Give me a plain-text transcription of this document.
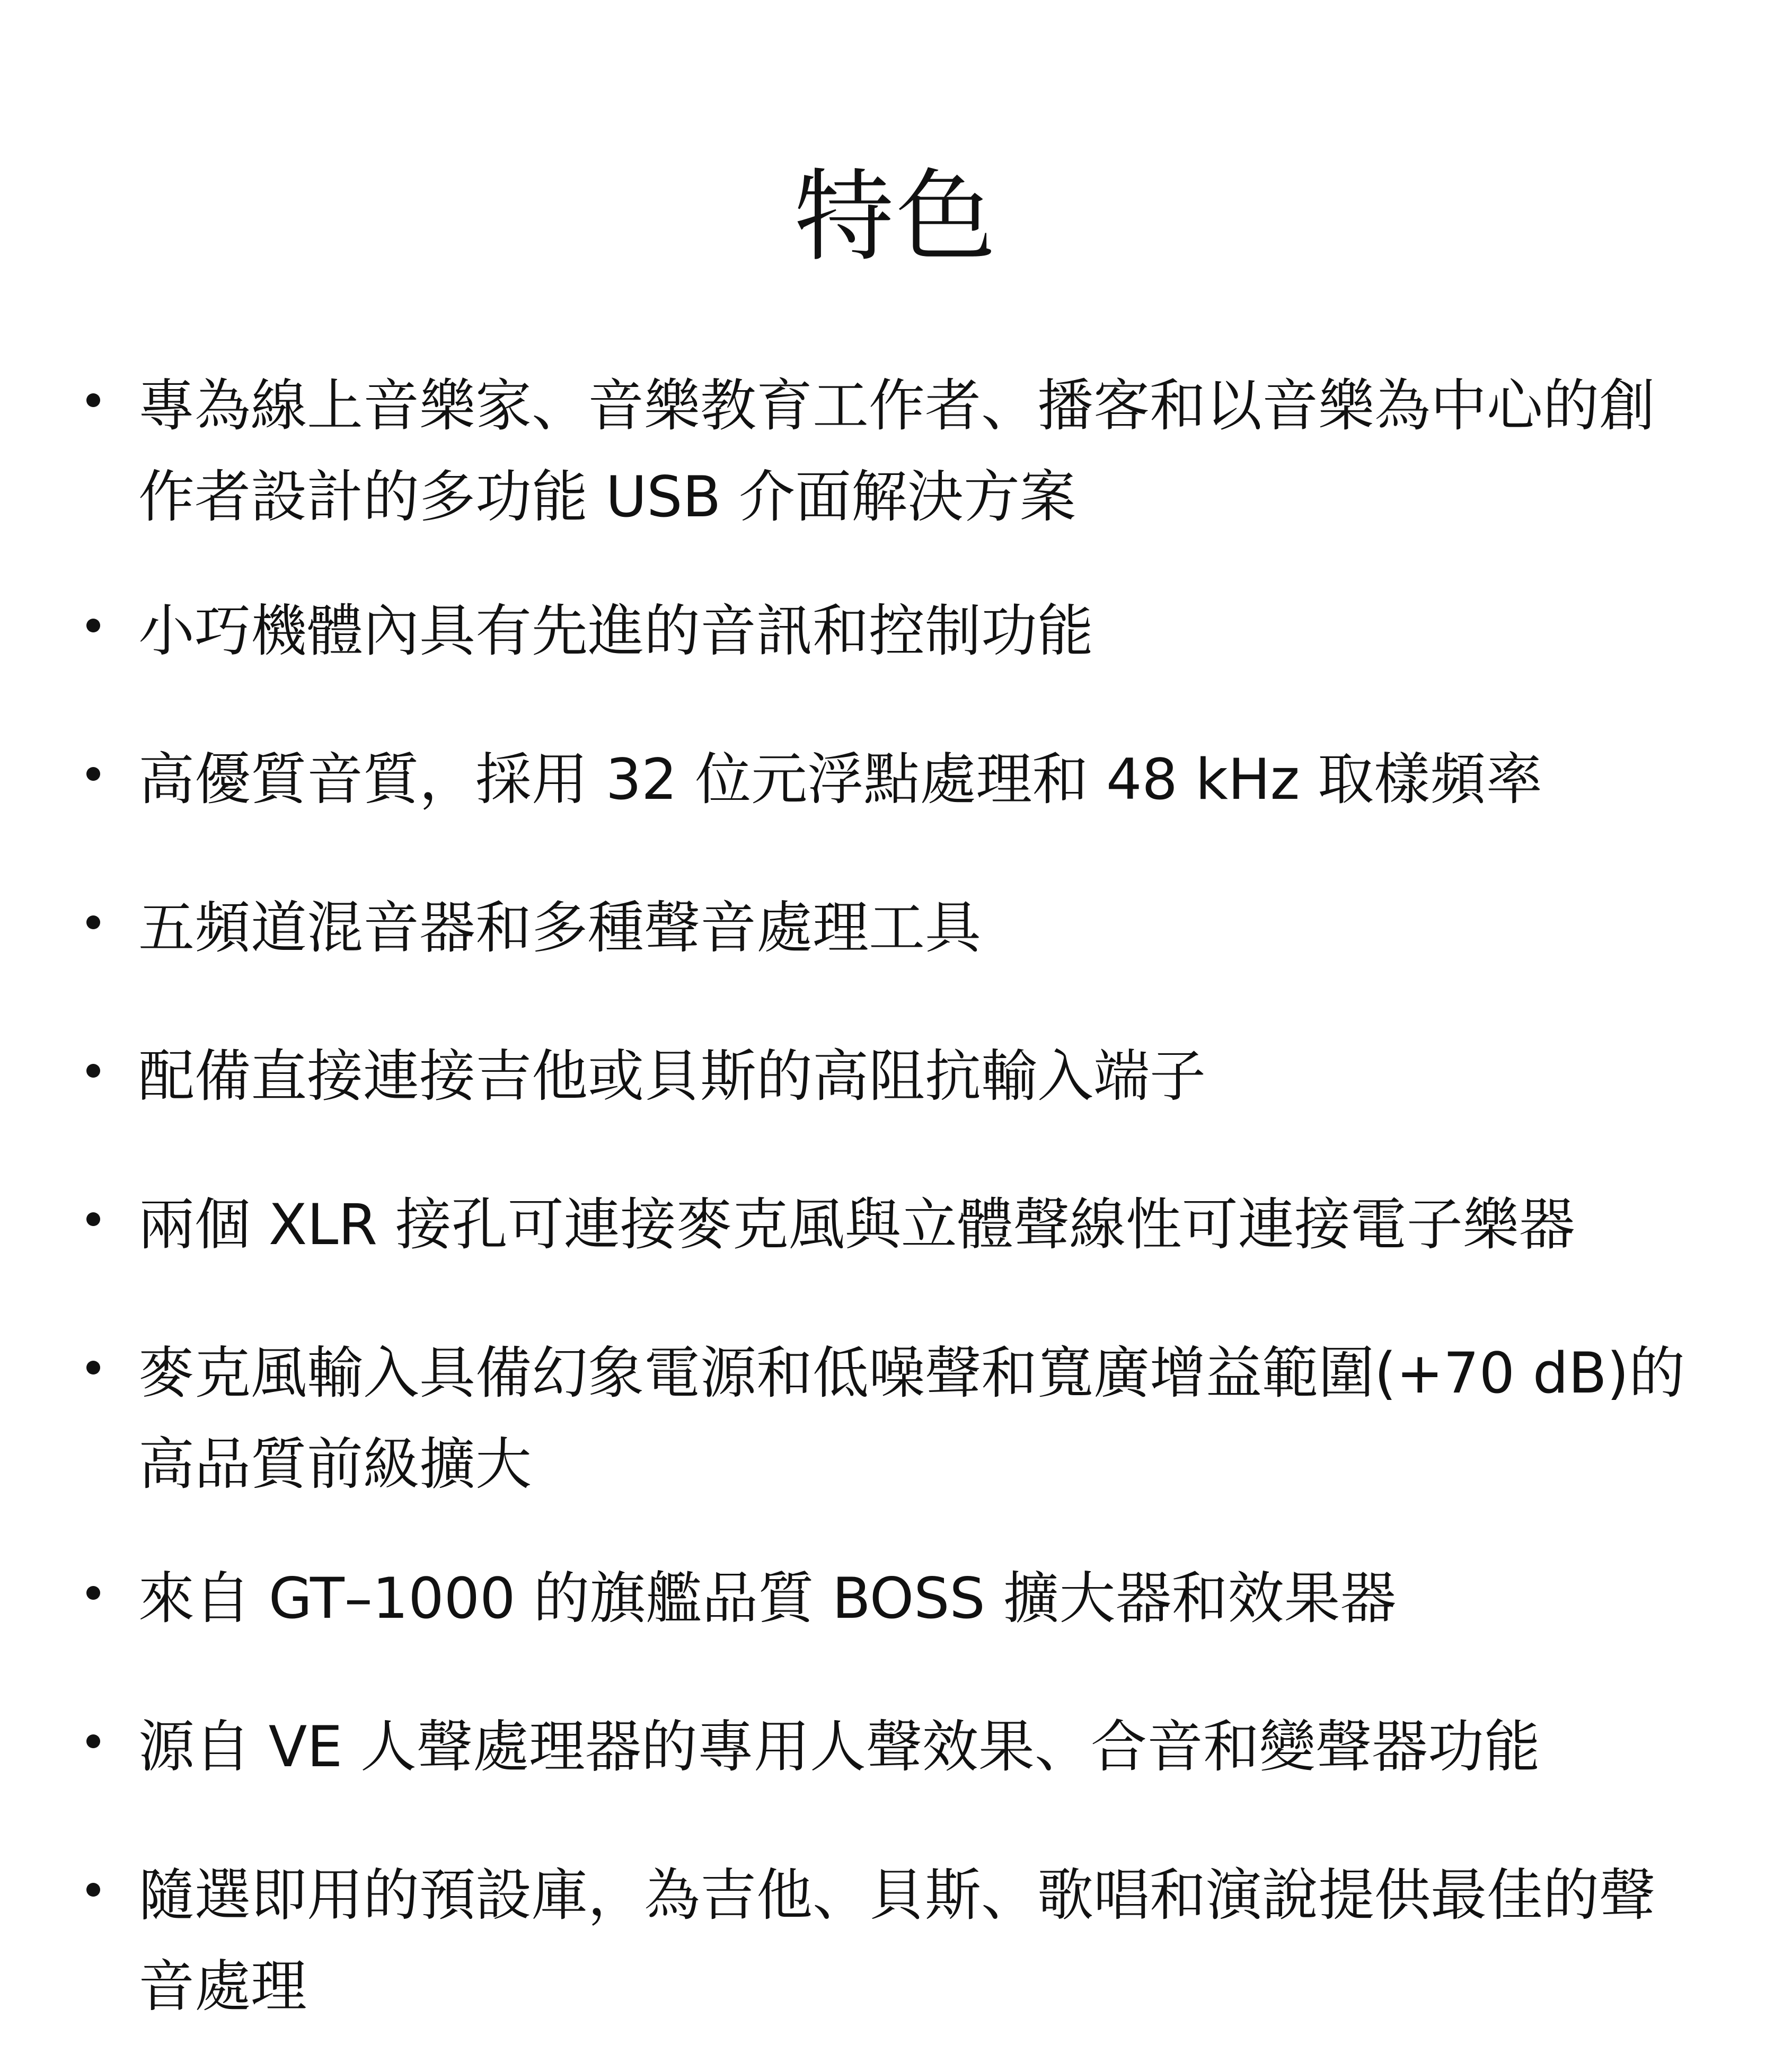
特色
專為線上音樂家、音樂教育工作者、播客和以音樂為中心的創作者設計的多功能 USB 介面解決方案
小巧機體內具有先進的音訊和控制功能
高優質音質，採用 32 位元浮點處理和 48 kHz 取樣頻率
五頻道混音器和多種聲音處理工具
配備直接連接吉他或貝斯的高阻抗輸入端子
兩個 XLR 接孔可連接麥克風與立體聲線性可連接電子樂器
麥克風輸入具備幻象電源和低噪聲和寬廣增益範圍(+70 dB)的高品質前級擴大
來自 GT–1000 的旗艦品質 BOSS 擴大器和效果器
源自 VE 人聲處理器的專用人聲效果、合音和變聲器功能
隨選即用的預設庫，為吉他、貝斯、歌唱和演說提供最佳的聲音處理
